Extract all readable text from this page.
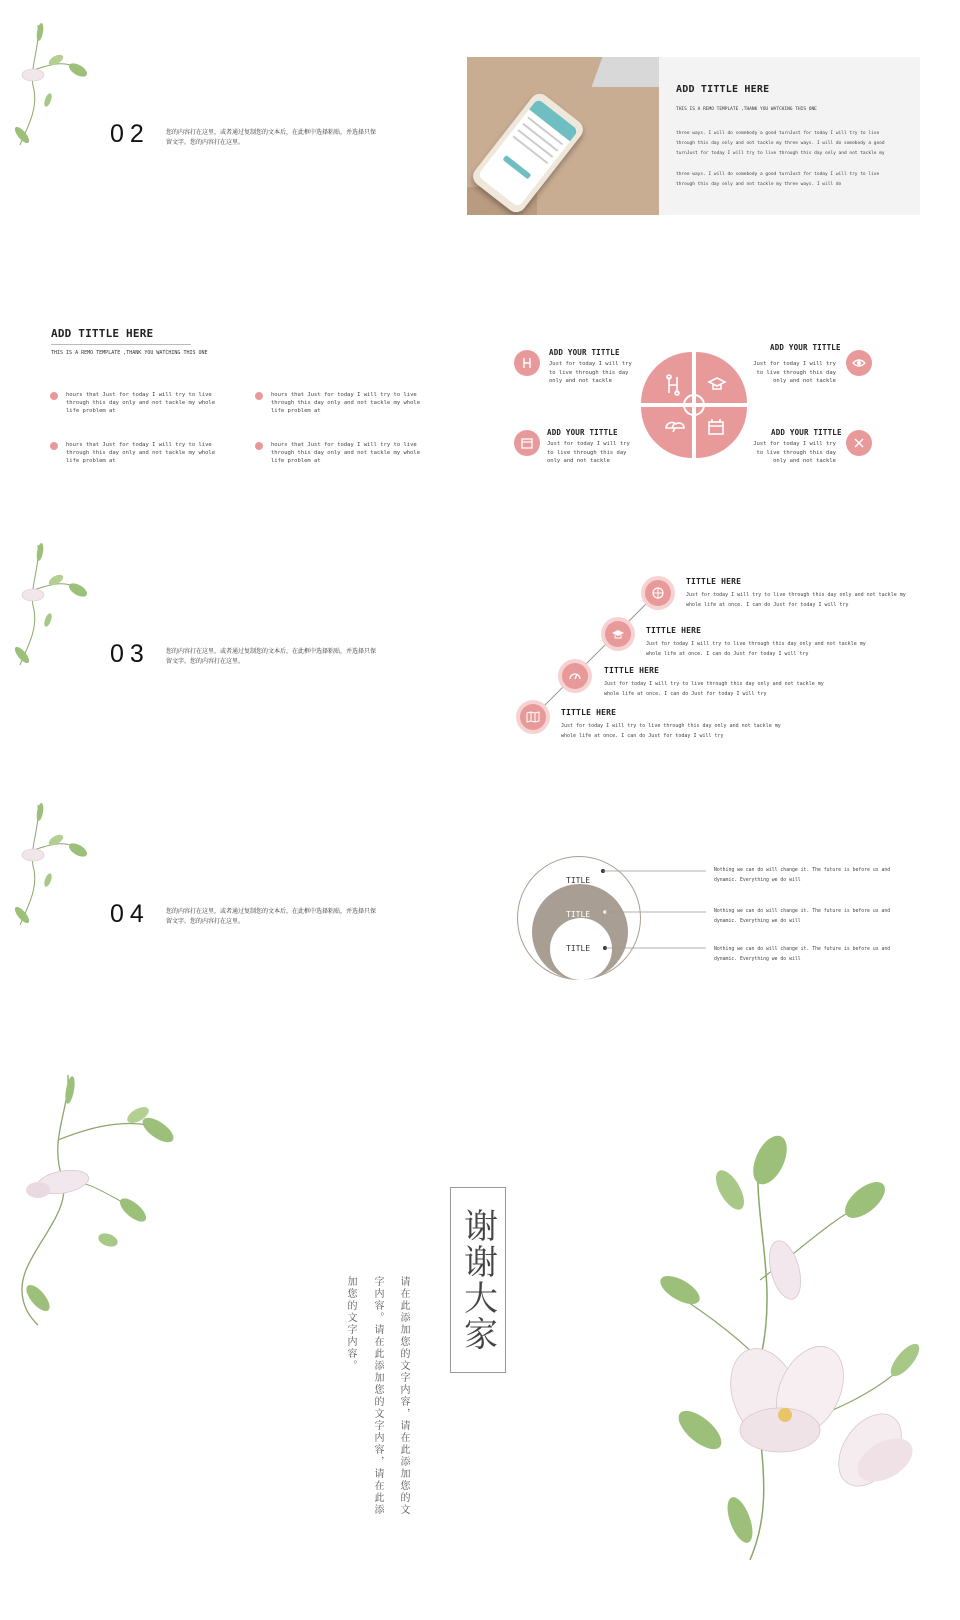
02	您的内容打在这里，或者通过复制您的文本后，在此框中选择粘贴，并选择只保
留文字。您的内容打在这里。
ADD TITTLE HERE
THIS IS A REMO TEMPLATE ,THANK YOU WATCHING THIS ONE
three ways. I will do somebody a good turnJust for today I will try to live
through this day only and not tackle my three ways. I will do somebody a good
turnJust for today I will try to live through this day only and not tackle my
three ways. I will do somebody a good turnJust for today I will try to live
through this day only and not tackle my three ways. I will do
ADD TITTLE HERE
THIS IS A REMO TEMPLATE ,THANK YOU WATCHING THIS ONE
hours that Just for today I will try to live
through this day only and not tackle my whole
life problem at
hours that Just for today I will try to live
through this day only and not tackle my whole
life problem at
hours that Just for today I will try to live
through this day only and not tackle my whole
life problem at
hours that Just for today I will try to live
through this day only and not tackle my whole
life problem at
ADD YOUR TITTLE
Just for today I will try
to live through this day
only and not tackle
ADD YOUR TITTLE
Just for today I will try
to live through this day
only and not tackle
ADD YOUR TITTLE
Just for today I will try
to live through this day
only and not tackle
ADD YOUR TITTLE
Just for today I will try
to live through this day
only and not tackle
03	您的内容打在这里，或者通过复制您的文本后，在此框中选择粘贴，并选择只保
留文字。您的内容打在这里。
TITTLE HERE
Just for today I will try to live through this day only and not tackle my
whole life at once. I can do Just for today I will try
TITTLE HERE
Just for today I will try to live through this day only and not tackle my
whole life at once. I can do Just for today I will try
TITTLE HERE
Just for today I will try to live through this day only and not tackle my
whole life at once. I can do Just for today I will try
TITTLE HERE
Just for today I will try to live through this day only and not tackle my
whole life at once. I can do Just for today I will try
04	您的内容打在这里，或者通过复制您的文本后，在此框中选择粘贴，并选择只保
留文字。您的内容打在这里。
TITLE
TITLE
TITLE
Nothing we can do will change it. The future is before us and
dynamic. Everything we do will
Nothing we can do will change it. The future is before us and
dynamic. Everything we do will
Nothing we can do will change it. The future is before us and
dynamic. Everything we do will
谢谢大家
请在此添加您的文字内容，请在此添加您的文
字内容。请在此添加您的文字内容，请在此添
加您的文字内容。
